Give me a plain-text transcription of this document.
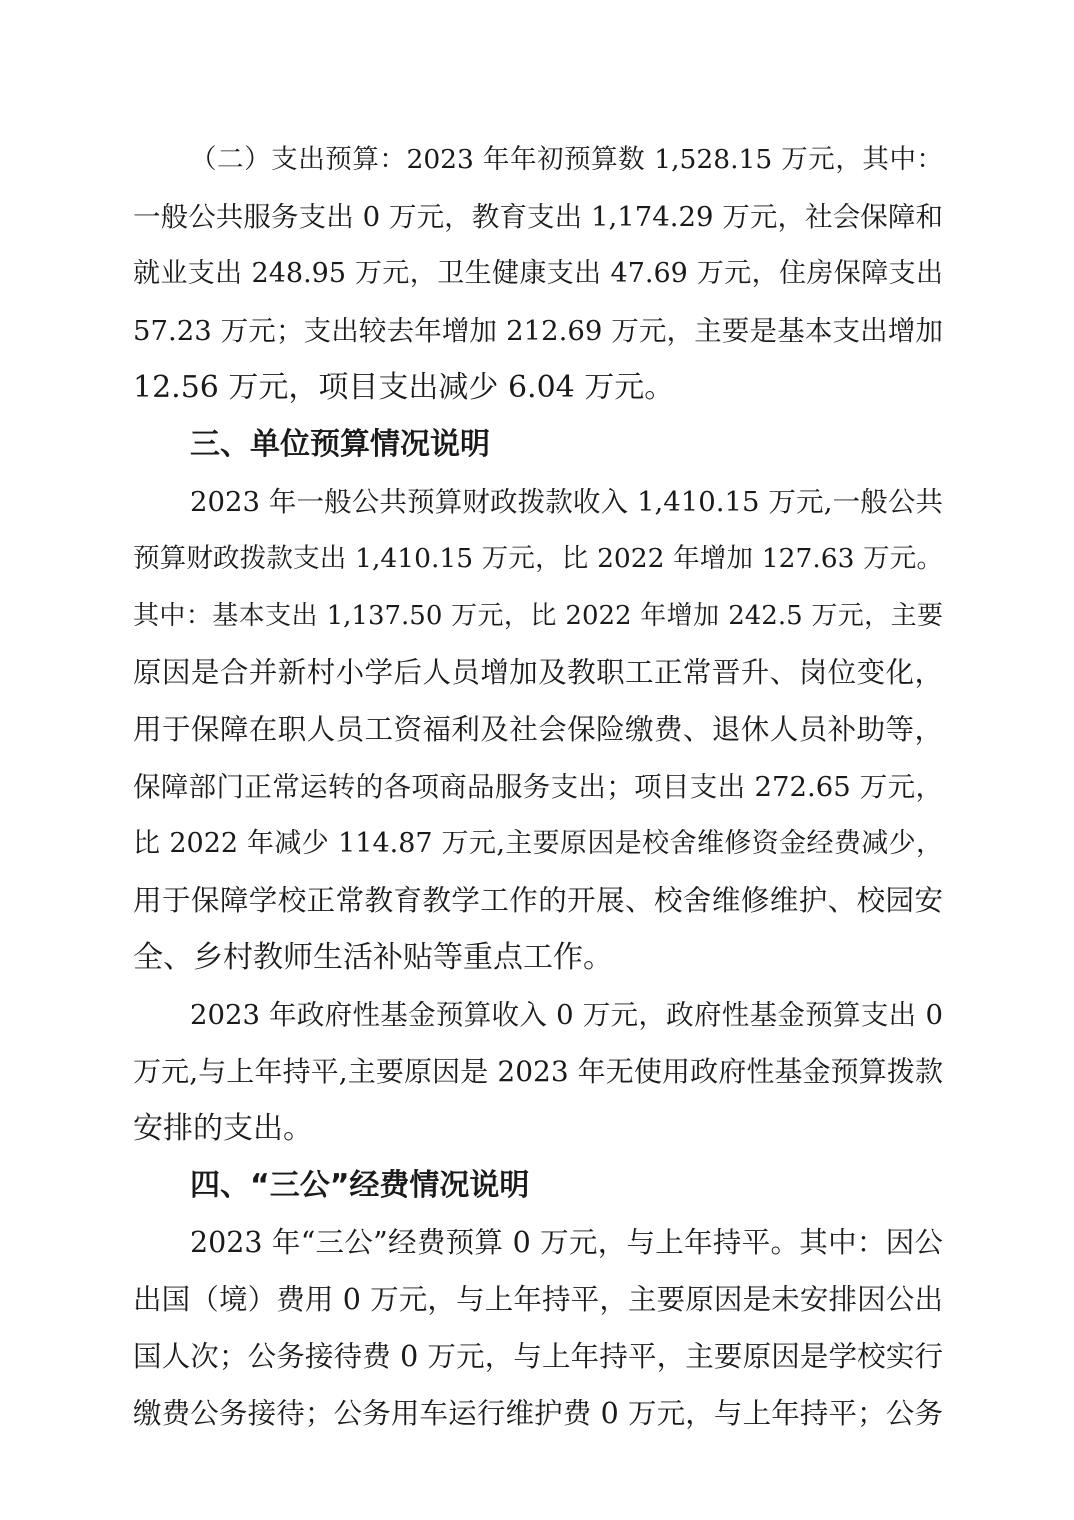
（二）支出预算：2023 年年初预算数 1,528.15 万元，其中：
一般公共服务支出 0 万元，教育支出 1,174.29 万元，社会保障和
就业支出 248.95 万元，卫生健康支出 47.69 万元，住房保障支出
57.23 万元；支出较去年增加 212.69 万元，主要是基本支出增加
12.56 万元，项目支出减少 6.04 万元。
三、单位预算情况说明
2023 年一般公共预算财政拨款收入 1,410.15 万元,一般公共
预算财政拨款支出 1,410.15 万元，比 2022 年增加 127.63 万元。
其中：基本支出 1,137.50 万元，比 2022 年增加 242.5 万元，主要
原因是合并新村小学后人员增加及教职工正常晋升、岗位变化，
用于保障在职人员工资福利及社会保险缴费、退休人员补助等，
保障部门正常运转的各项商品服务支出；项目支出 272.65 万元，
比 2022 年减少 114.87 万元,主要原因是校舍维修资金经费减少，
用于保障学校正常教育教学工作的开展、校舍维修维护、校园安
全、乡村教师生活补贴等重点工作。
2023 年政府性基金预算收入 0 万元，政府性基金预算支出 0
万元,与上年持平,主要原因是 2023 年无使用政府性基金预算拨款
安排的支出。
四、“三公”经费情况说明
2023 年“三公”经费预算 0 万元，与上年持平。其中：因公
出国（境）费用 0 万元，与上年持平，主要原因是未安排因公出
国人次；公务接待费 0 万元，与上年持平，主要原因是学校实行
缴费公务接待；公务用车运行维护费 0 万元，与上年持平；公务
